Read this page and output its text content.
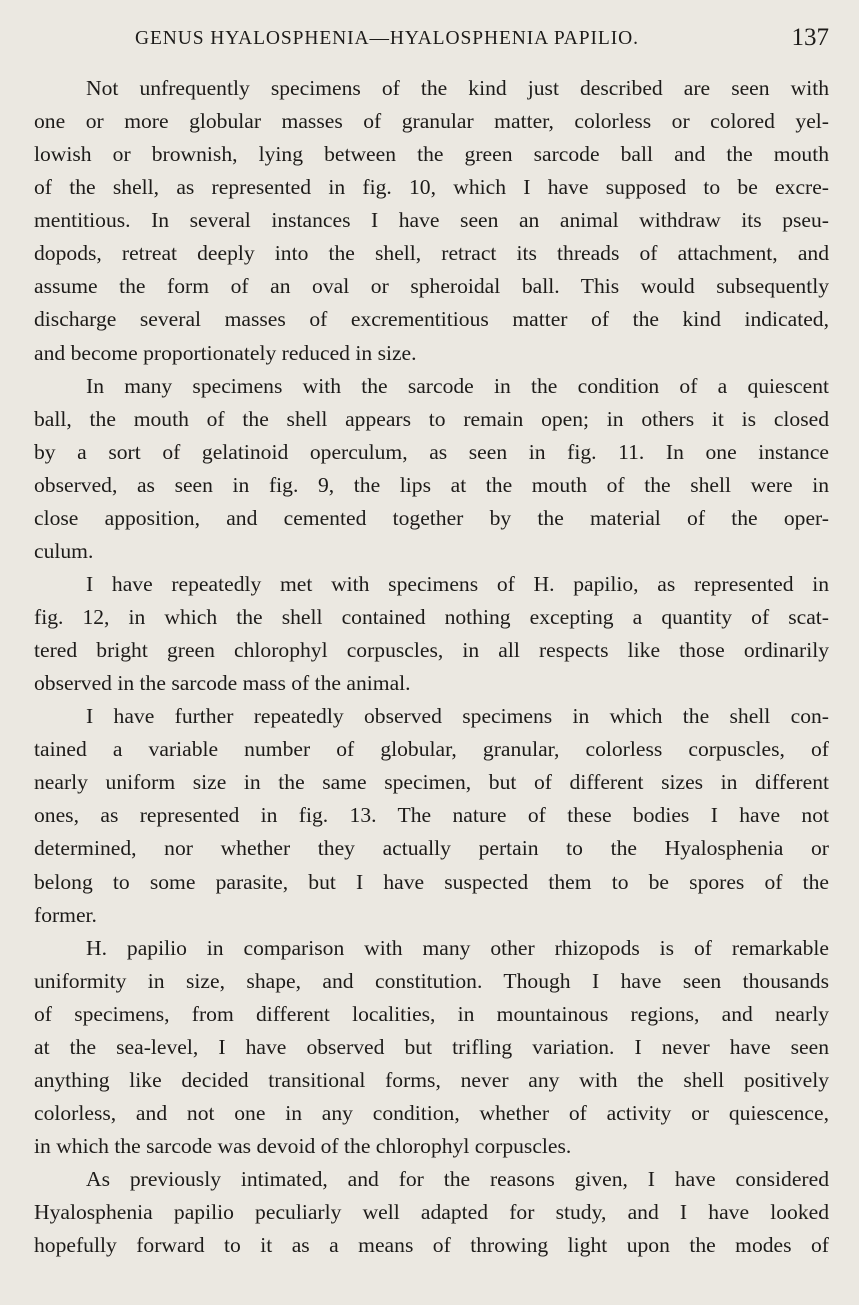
GENUS HYALOSPHENIA—HYALOSPHENIA PAPILIO.	137
Not unfrequently specimens of the kind just described are seen with
one or more globular masses of granular matter, colorless or colored yel-
lowish or brownish, lying between the green sarcode ball and the mouth
of the shell, as represented in fig. 10, which I have supposed to be excre-
mentitious. In several instances I have seen an animal withdraw its pseu-
dopods, retreat deeply into the shell, retract its threads of attachment, and
assume the form of an oval or spheroidal ball. This would subsequently
discharge several masses of excrementitious matter of the kind indicated,
and become proportionately reduced in size.
In many specimens with the sarcode in the condition of a quiescent
ball, the mouth of the shell appears to remain open; in others it is closed
by a sort of gelatinoid operculum, as seen in fig. 11. In one instance
observed, as seen in fig. 9, the lips at the mouth of the shell were in
close apposition, and cemented together by the material of the oper-
culum.
I have repeatedly met with specimens of H. papilio, as represented in
fig. 12, in which the shell contained nothing excepting a quantity of scat-
tered bright green chlorophyl corpuscles, in all respects like those ordinarily
observed in the sarcode mass of the animal.
I have further repeatedly observed specimens in which the shell con-
tained a variable number of globular, granular, colorless corpuscles, of
nearly uniform size in the same specimen, but of different sizes in different
ones, as represented in fig. 13. The nature of these bodies I have not
determined, nor whether they actually pertain to the Hyalosphenia or
belong to some parasite, but I have suspected them to be spores of the
former.
H. papilio in comparison with many other rhizopods is of remarkable
uniformity in size, shape, and constitution. Though I have seen thousands
of specimens, from different localities, in mountainous regions, and nearly
at the sea-level, I have observed but trifling variation. I never have seen
anything like decided transitional forms, never any with the shell positively
colorless, and not one in any condition, whether of activity or quiescence,
in which the sarcode was devoid of the chlorophyl corpuscles.
As previously intimated, and for the reasons given, I have considered
Hyalosphenia papilio peculiarly well adapted for study, and I have looked
hopefully forward to it as a means of throwing light upon the modes of
